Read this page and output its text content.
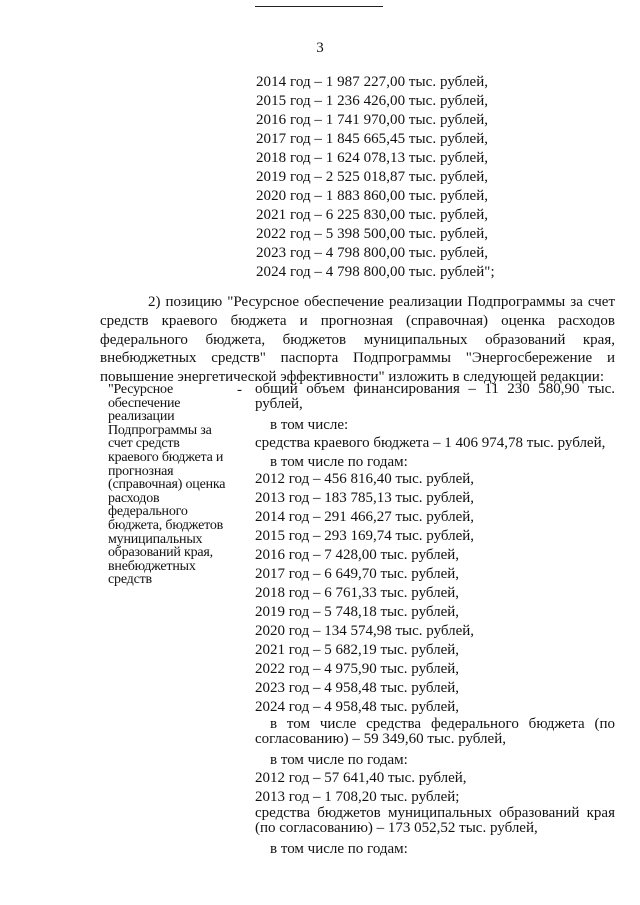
3
2014 год – 1 987 227,00 тыс. рублей,
2015 год – 1 236 426,00 тыс. рублей,
2016 год – 1 741 970,00 тыс. рублей,
2017 год – 1 845 665,45 тыс. рублей,
2018 год – 1 624 078,13 тыс. рублей,
2019 год – 2 525 018,87 тыс. рублей,
2020 год – 1 883 860,00 тыс. рублей,
2021 год – 6 225 830,00 тыс. рублей,
2022 год – 5 398 500,00 тыс. рублей,
2023 год – 4 798 800,00 тыс. рублей,
2024 год – 4 798 800,00 тыс. рублей";
2) позицию "Ресурсное обеспечение реализации Подпрограммы за счет средств краевого бюджета и прогнозная (справочная) оценка расходов федерального бюджета, бюджетов муниципальных образований края, внебюджетных средств" паспорта Подпрограммы "Энергосбережение и повышение энергетической эффективности" изложить в следующей редакции:
"Ресурсное обеспечение реализации Подпрограммы за счет средств краевого бюджета и прогнозная (справочная) оценка расходов федерального бюджета, бюджетов муниципальных образований края, внебюджетных средств
- общий объем финансирования – 11 230 580,90 тыс. рублей,
в том числе:
средства краевого бюджета – 1 406 974,78 тыс. рублей,
в том числе по годам:
2012 год – 456 816,40 тыс. рублей,
2013 год – 183 785,13 тыс. рублей,
2014 год – 291 466,27 тыс. рублей,
2015 год – 293 169,74 тыс. рублей,
2016 год – 7 428,00 тыс. рублей,
2017 год – 6 649,70 тыс. рублей,
2018 год – 6 761,33 тыс. рублей,
2019 год – 5 748,18 тыс. рублей,
2020 год – 134 574,98 тыс. рублей,
2021 год – 5 682,19 тыс. рублей,
2022 год – 4 975,90 тыс. рублей,
2023 год – 4 958,48 тыс. рублей,
2024 год – 4 958,48 тыс. рублей,
в том числе средства федерального бюджета (по согласованию) – 59 349,60 тыс. рублей,
в том числе по годам:
2012 год – 57 641,40 тыс. рублей,
2013 год – 1 708,20 тыс. рублей;
средства бюджетов муниципальных образований края (по согласованию) – 173 052,52 тыс. рублей,
в том числе по годам:
